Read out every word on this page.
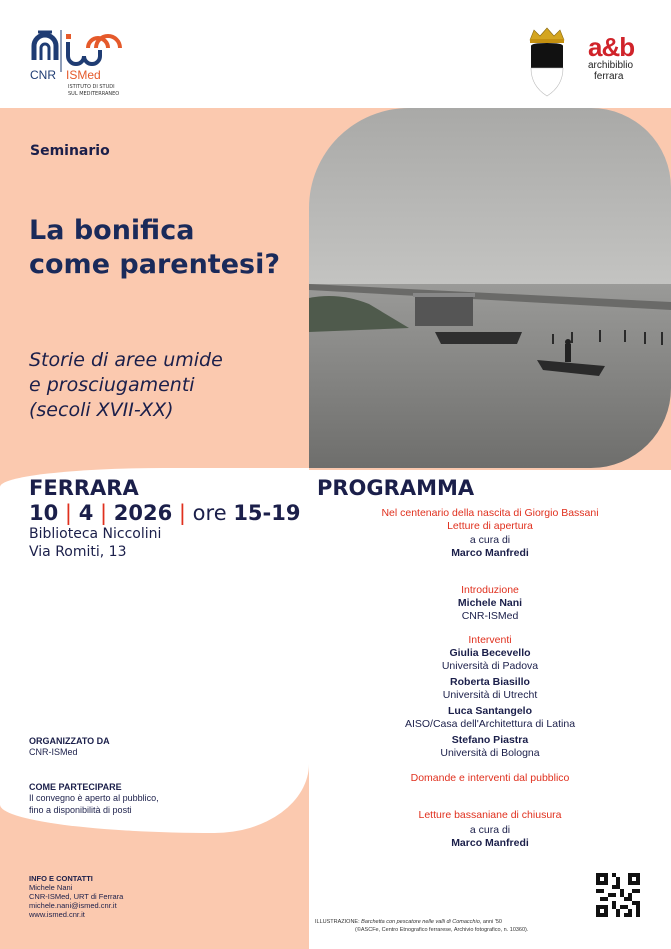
CNR ISMed
ISTITUTO DI STUDI
SUL MEDITERRANEO
a&b
archibiblio
ferrara
Seminario
La bonifica
come parentesi?
Storie di aree umide
e prosciugamenti
(secoli XVII-XX)
FERRARA
10 | 4 | 2026 | ore 15-19
Biblioteca Niccolini
Via Romiti, 13
PROGRAMMA
Nel centenario della nascita di Giorgio Bassani
Letture di apertura
a cura di
Marco Manfredi
Introduzione
Michele Nani
CNR-ISMed
Interventi
Giulia Becevello
Università di Padova
Roberta Biasillo
Università di Utrecht
Luca Santangelo
AISO/Casa dell'Architettura di Latina
Stefano Piastra
Università di Bologna
Domande e interventi dal pubblico
Letture bassaniane di chiusura
a cura di
Marco Manfredi
ORGANIZZATO DA
CNR-ISMed
COME PARTECIPARE
Il convegno è aperto al pubblico,
fino a disponibilità di posti
INFO E CONTATTI
Michele Nani
CNR-ISMed, URT di Ferrara
michele.nani@ismed.cnr.it
www.ismed.cnr.it
ILLUSTRAZIONE: Barchetta con pescatore nelle valli di Comacchio, anni '50
(©ASCFe, Centro Etnografico ferrarese, Archivio fotografico, n. 10360).
